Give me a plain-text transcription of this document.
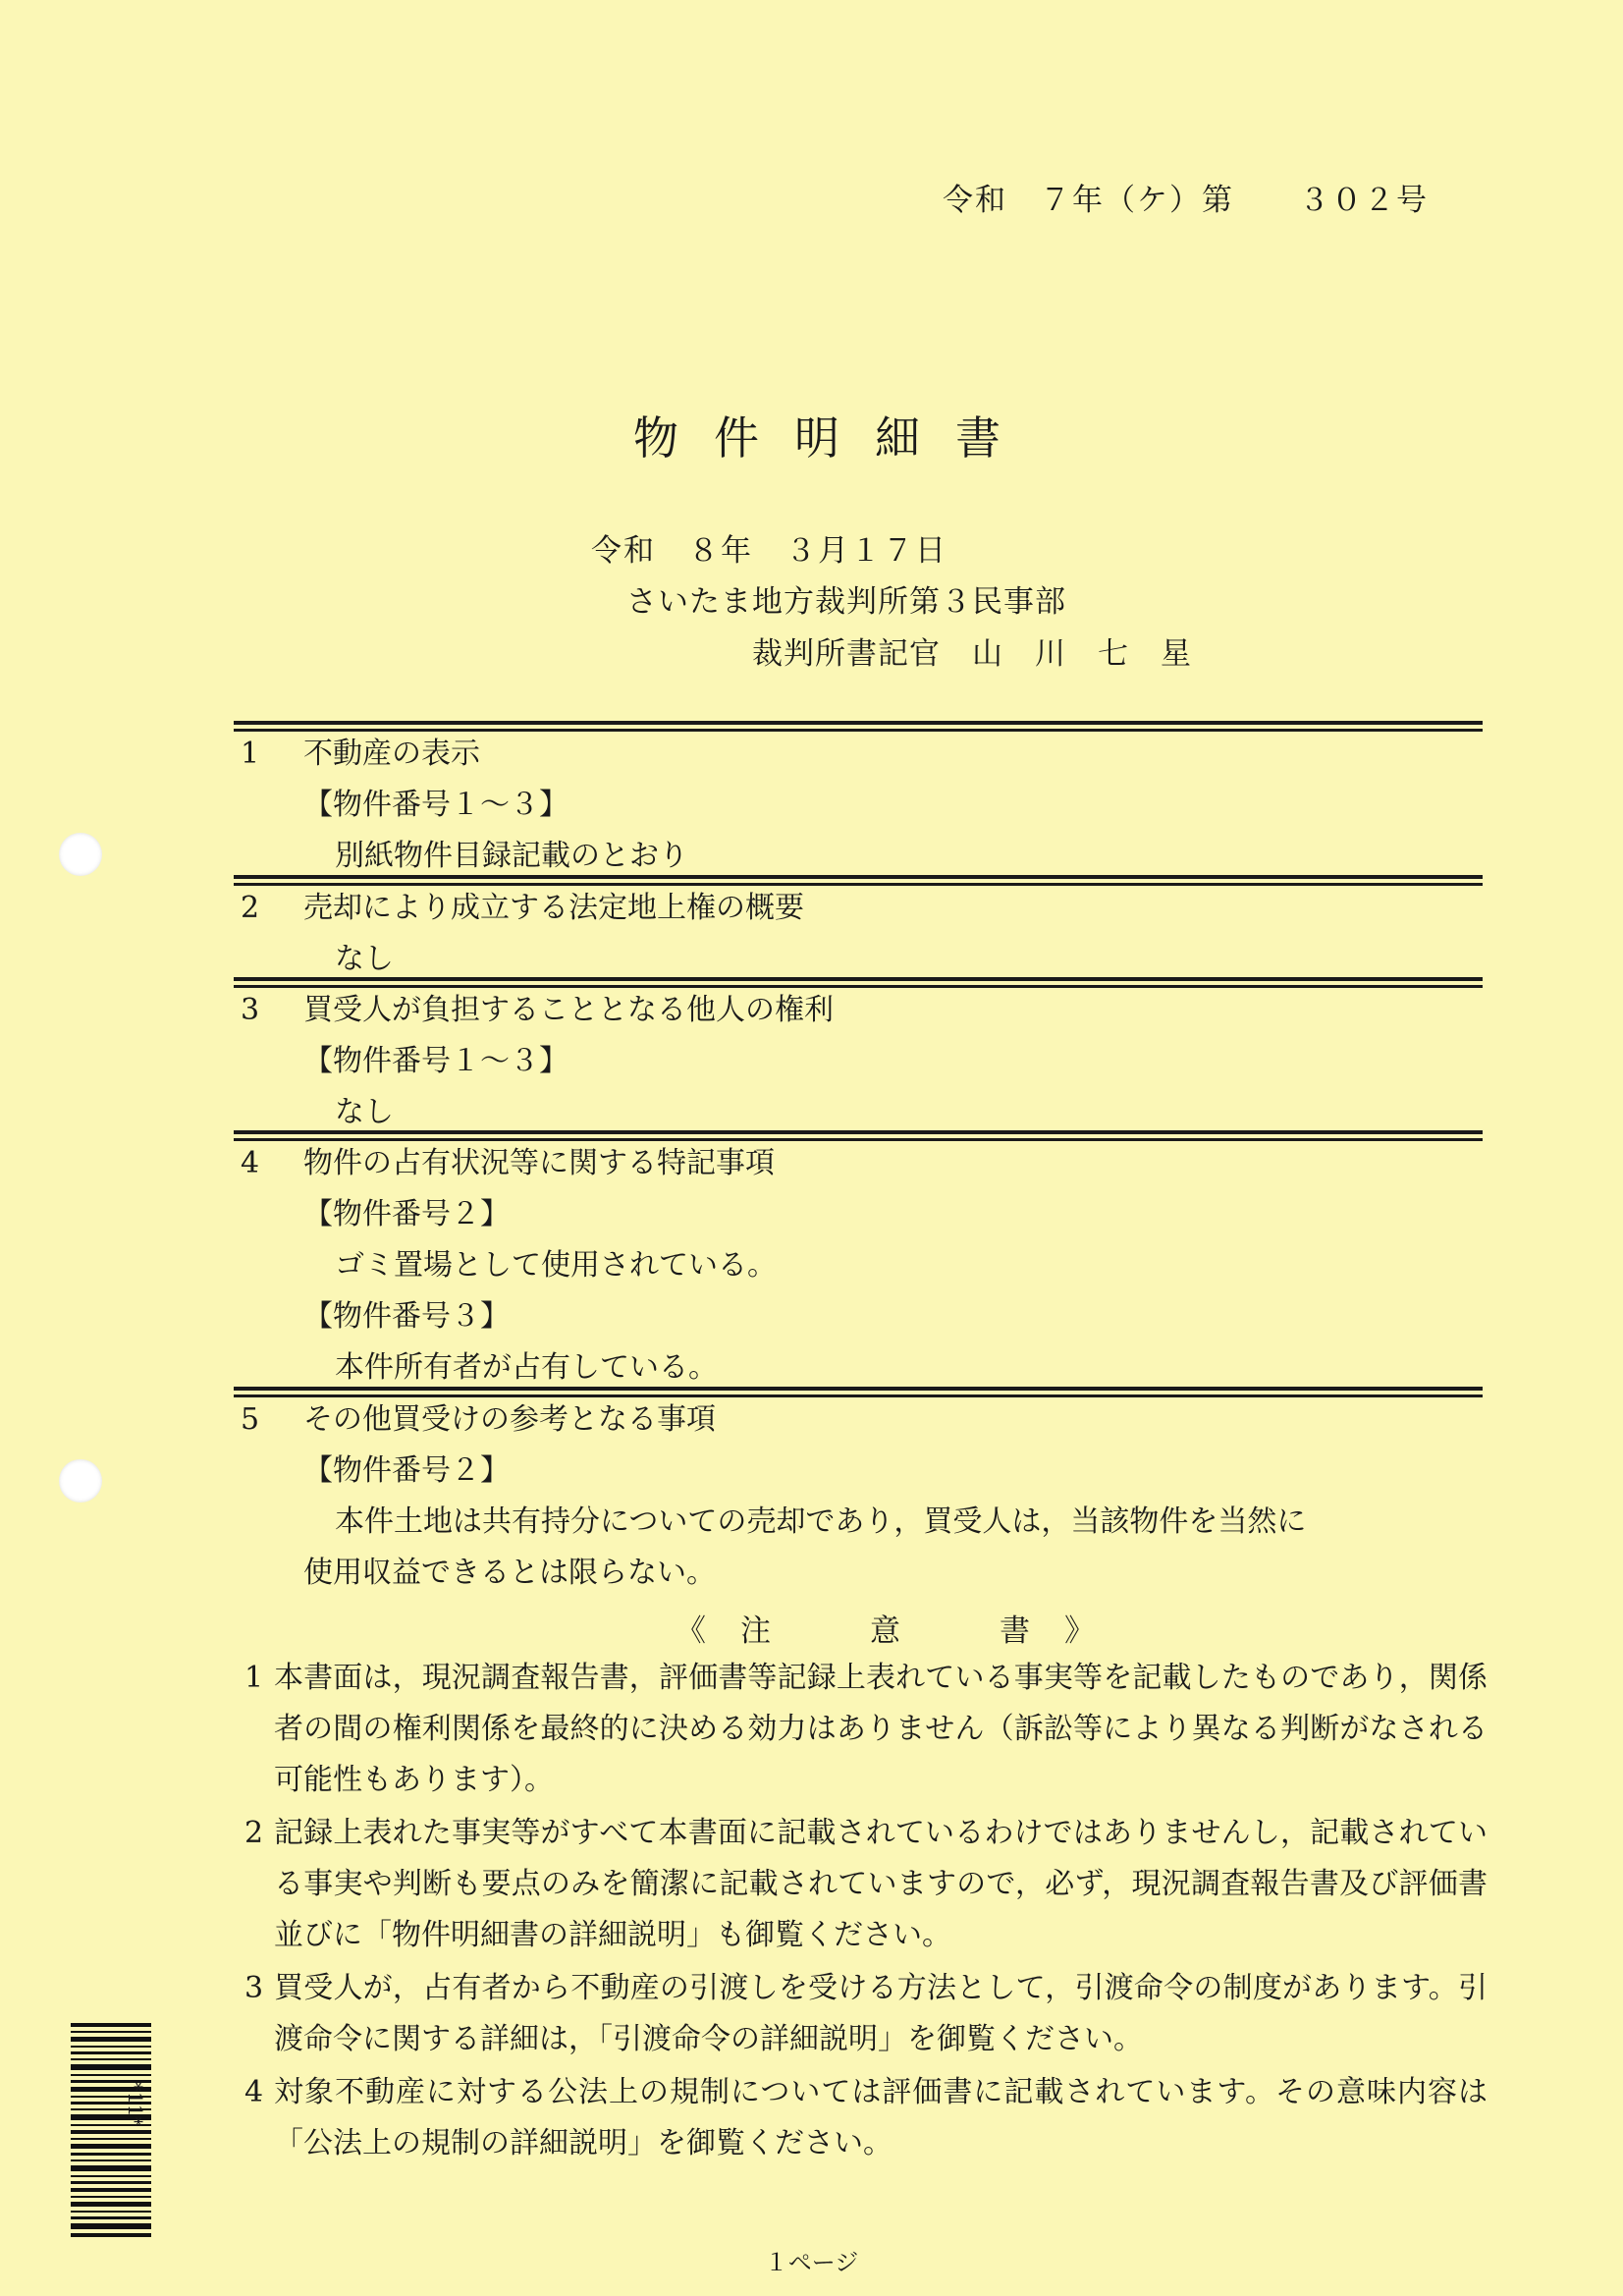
令和　７年（ケ）第　　３０２号
物件明細書
令和　８年　３月１７日
さいたま地方裁判所第３民事部
裁判所書記官　山　川　七　星
1	不動産の表示
【物件番号１～３】
別紙物件目録記載のとおり
2	売却により成立する法定地上権の概要
なし
3	買受人が負担することとなる他人の権利
【物件番号１～３】
なし
4	物件の占有状況等に関する特記事項
【物件番号２】
ゴミ置場として使用されている。
【物件番号３】
本件所有者が占有している。
5	その他買受けの参考となる事項
【物件番号２】
本件土地は共有持分についての売却であり，買受人は，当該物件を当然に
使用収益できるとは限らない。
《　注　　　意　　　書　》
1 本書面は，現況調査報告書，評価書等記録上表れている事実等を記載したものであり，関係者の間の権利関係を最終的に決める効力はありません（訴訟等により異なる判断がなされる可能性もあります）。
2 記録上表れた事実等がすべて本書面に記載されているわけではありませんし，記載されている事実や判断も要点のみを簡潔に記載されていますので，必ず，現況調査報告書及び評価書並びに「物件明細書の詳細説明」も御覧ください。
3 買受人が，占有者から不動産の引渡しを受ける方法として，引渡命令の制度があります。引渡命令に関する詳細は，「引渡命令の詳細説明」を御覧ください。
4 対象不動産に対する公法上の規制については評価書に記載されています。その意味内容は「公法上の規制の詳細説明」を御覧ください。
*11*
１ページ
